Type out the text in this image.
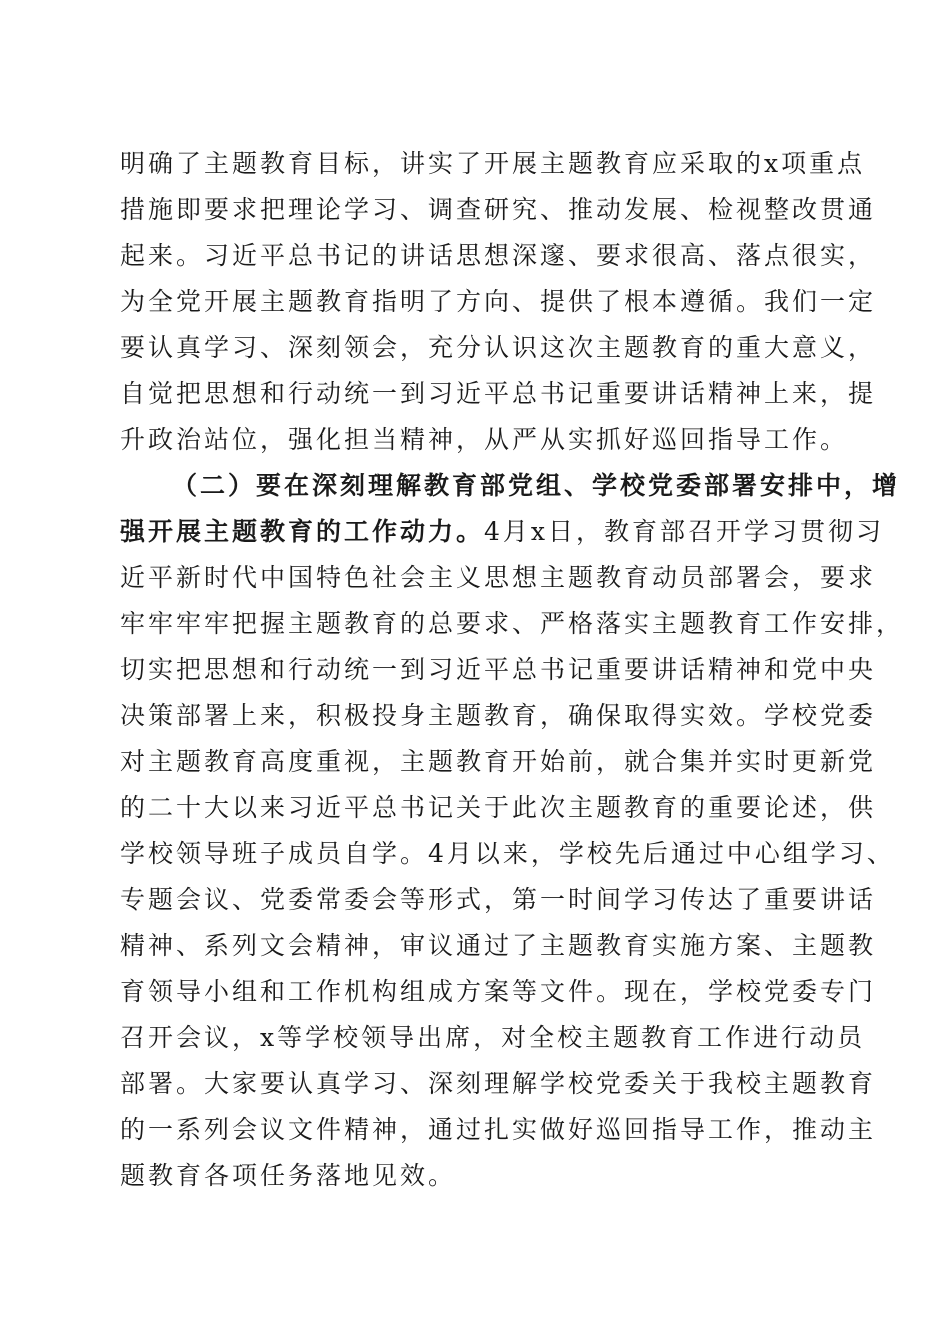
明确了主题教育目标，讲实了开展主题教育应采取的x项重点
措施即要求把理论学习、调查研究、推动发展、检视整改贯通
起来。习近平总书记的讲话思想深邃、要求很高、落点很实，
为全党开展主题教育指明了方向、提供了根本遵循。我们一定
要认真学习、深刻领会，充分认识这次主题教育的重大意义，
自觉把思想和行动统一到习近平总书记重要讲话精神上来，提
升政治站位，强化担当精神，从严从实抓好巡回指导工作。
（二）要在深刻理解教育部党组、学校党委部署安排中，增
强开展主题教育的工作动力。4月x日，教育部召开学习贯彻习
近平新时代中国特色社会主义思想主题教育动员部署会，要求
牢牢牢牢把握主题教育的总要求、严格落实主题教育工作安排，
切实把思想和行动统一到习近平总书记重要讲话精神和党中央
决策部署上来，积极投身主题教育，确保取得实效。学校党委
对主题教育高度重视，主题教育开始前，就合集并实时更新党
的二十大以来习近平总书记关于此次主题教育的重要论述，供
学校领导班子成员自学。4月以来，学校先后通过中心组学习、
专题会议、党委常委会等形式，第一时间学习传达了重要讲话
精神、系列文会精神，审议通过了主题教育实施方案、主题教
育领导小组和工作机构组成方案等文件。现在，学校党委专门
召开会议，x等学校领导出席，对全校主题教育工作进行动员
部署。大家要认真学习、深刻理解学校党委关于我校主题教育
的一系列会议文件精神，通过扎实做好巡回指导工作，推动主
题教育各项任务落地见效。
